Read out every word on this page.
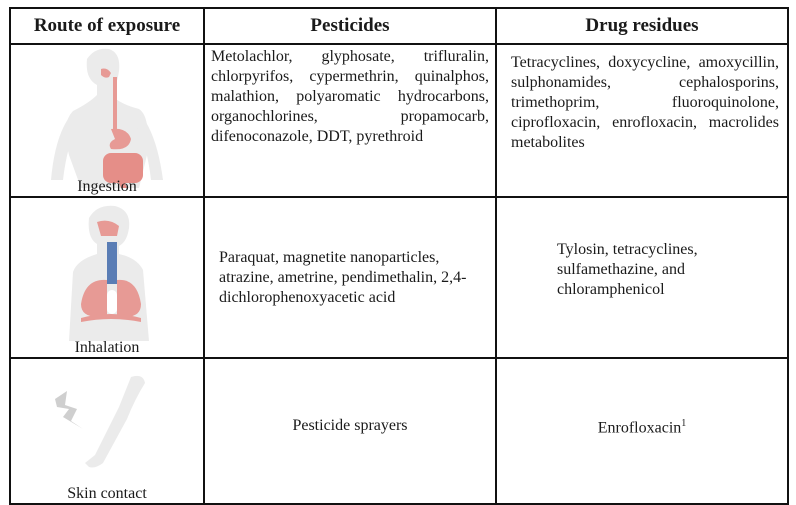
Route of exposure	Pesticides	Drug residues

Ingestion	Metolachlor, glyphosate, trifluralin, chlorpyrifos, cypermethrin, quinalphos, malathion, polyaromatic hydrocarbons, organochlorines, propamocarb, difenoconazole, DDT, pyrethroid	Tetracyclines, doxycycline, amoxycillin, sulphonamides, cephalosporins, trimethoprim, fluoroquinolone, ciprofloxacin, enrofloxacin, macrolides metabolites

Inhalation	Paraquat, magnetite nanoparticles, atrazine, ametrine, pendimethalin, 2,4-dichlorophenoxyacetic acid	Tylosin, tetracyclines, sulfamethazine, and chloramphenicol

Skin contact	Pesticide sprayers	Enrofloxacin$^1$
